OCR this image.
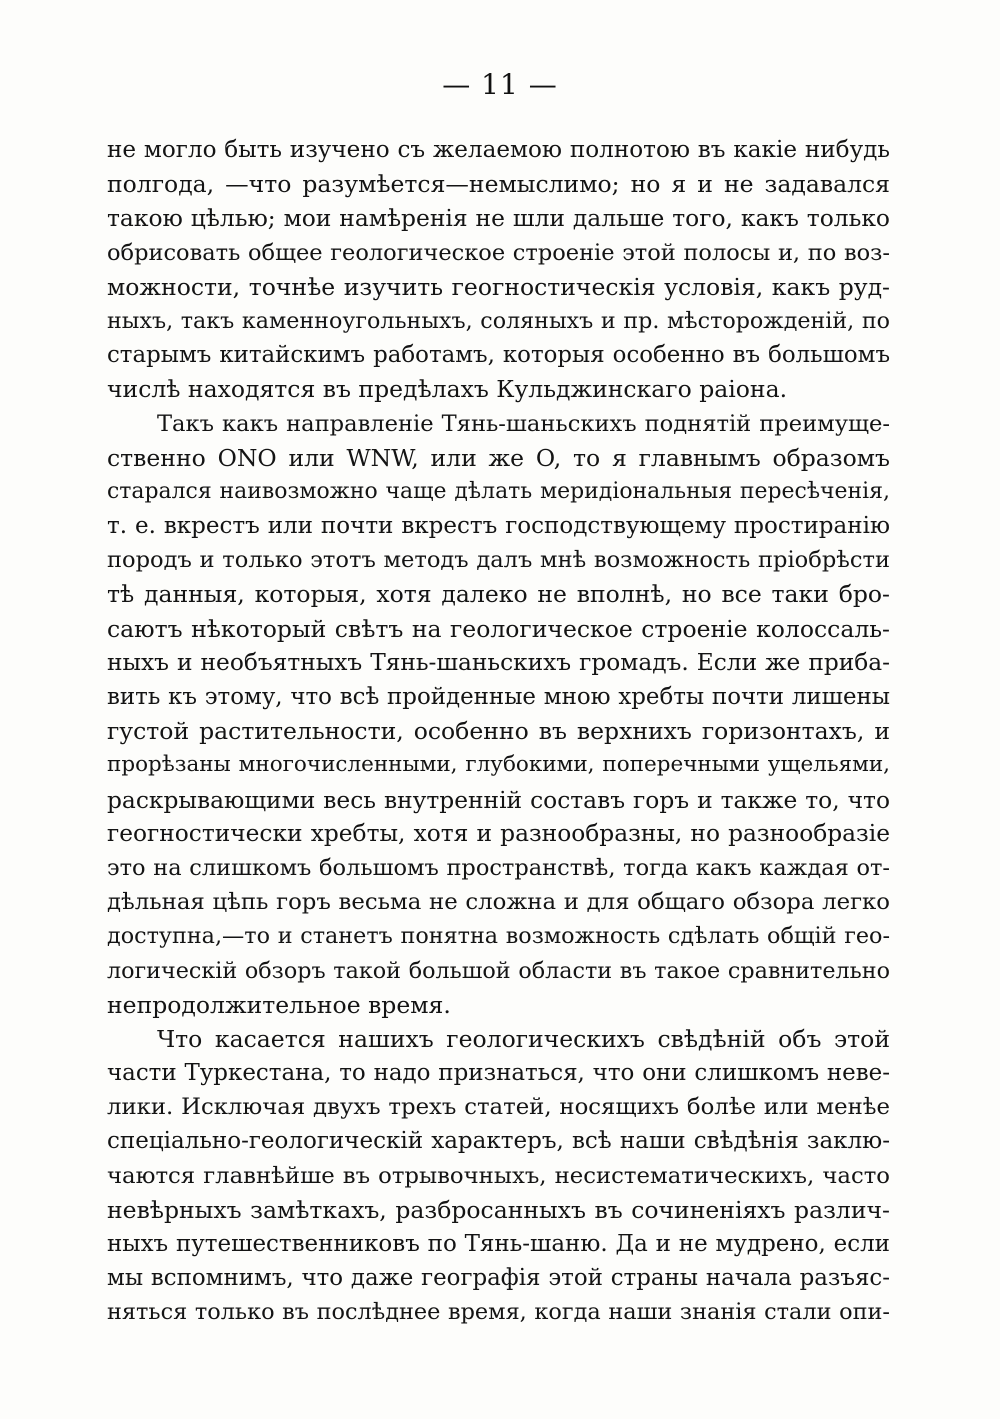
— 11 —
не могло быть изучено съ желаемою полнотою въ какіе нибудь
полгода, —что разумѣется—немыслимо; но я и не задавался
такою цѣлью; мои намѣренія не шли дальше того, какъ только
обрисовать общее геологическое строеніе этой полосы и, по воз-
можности, точнѣе изучить геогностическія условія, какъ руд-
ныхъ, такъ каменноугольныхъ, соляныхъ и пр. мѣсторожденій, по
старымъ китайскимъ работамъ, которыя особенно въ большомъ
числѣ находятся въ предѣлахъ Кульджинскаго раіона.
Такъ какъ направленіе Тянь-шаньскихъ поднятій преимуще-
ственно ONO или WNW, или же O, то я главнымъ образомъ
старался наивозможно чаще дѣлать меридіональныя пересѣченія,
т. е. вкрестъ или почти вкрестъ господствующему простиранію
породъ и только этотъ методъ далъ мнѣ возможность пріобрѣсти
тѣ данныя, которыя, хотя далеко не вполнѣ, но все таки бро-
саютъ нѣкоторый свѣтъ на геологическое строеніе колоссаль-
ныхъ и необъятныхъ Тянь-шаньскихъ громадъ. Если же приба-
вить къ этому, что всѣ пройденные мною хребты почти лишены
густой растительности, особенно въ верхнихъ горизонтахъ, и
прорѣзаны многочисленными, глубокими, поперечными ущельями,
раскрывающими весь внутренній составъ горъ и также то, что
геогностически хребты, хотя и разнообразны, но разнообразіе
это на слишкомъ большомъ пространствѣ, тогда какъ каждая от-
дѣльная цѣпь горъ весьма не сложна и для общаго обзора легко
доступна,—то и станетъ понятна возможность сдѣлать общій гео-
логическій обзоръ такой большой области въ такое сравнительно
непродолжительное время.
Что касается нашихъ геологическихъ свѣдѣній объ этой
части Туркестана, то надо признаться, что они слишкомъ невe-
лики. Исключая двухъ трехъ статей, носящихъ болѣе или менѣе
спеціально-геологическій характеръ, всѣ наши свѣдѣнія заклю-
чаются главнѣйше въ отрывочныхъ, несистематическихъ, часто
невѣрныхъ замѣткахъ, разбросанныхъ въ сочиненіяхъ различ-
ныхъ путешественниковъ по Тянь-шаню. Да и не мудрено, если
мы вспомнимъ, что даже географія этой страны начала разъяс-
няться только въ послѣднее время, когда наши знанія стали опи-
